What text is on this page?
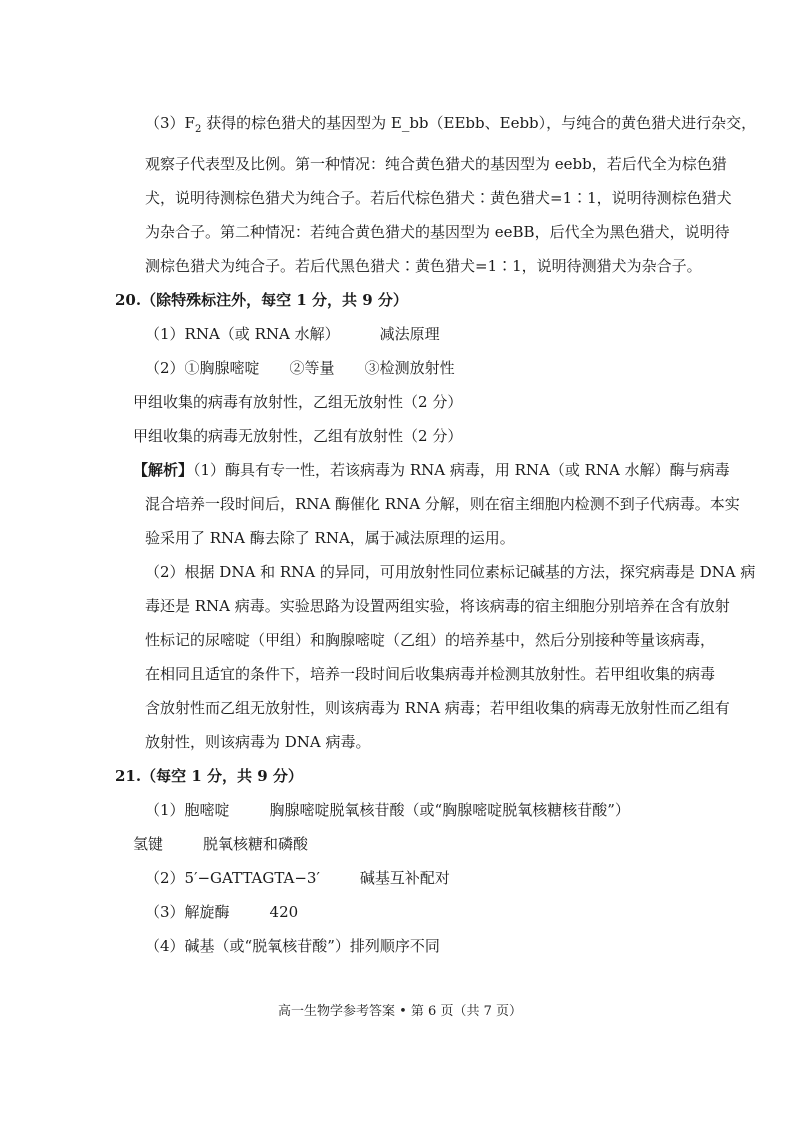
$(3)F_2$ 获得的棕色猎犬的基因型为 E_bb（EEbb、Eebb），与纯合的黄色猎犬进行杂交，

观察子代表型及比例。第一种情况：纯合黄色猎犬的基因型为 eebb，若后代全为棕色猎

犬，说明待测棕色猎犬为纯合子。若后代棕色猎犬∶黄色猎犬=1∶1，说明待测棕色猎犬

为杂合子。第二种情况：若纯合黄色猎犬的基因型为 eeBB，后代全为黑色猎犬，说明待

测棕色猎犬为纯合子。若后代黑色猎犬∶黄色猎犬=1∶1，说明待测猎犬为杂合子。

20.（除特殊标注外，每空 1 分，共 9 分）

（1）RNA（或 RNA 水解）	减法原理

（2）①胸腺嘧啶 ②等量 ③检测放射性

甲组收集的病毒有放射性，乙组无放射性（2 分）

甲组收集的病毒无放射性，乙组有放射性（2 分）

【解析】（1）酶具有专一性，若该病毒为 RNA 病毒，用 RNA（或 RNA 水解）酶与病毒

混合培养一段时间后，RNA 酶催化 RNA 分解，则在宿主细胞内检测不到子代病毒。本实

验采用了 RNA 酶去除了 RNA，属于减法原理的运用。

（2）根据 DNA 和 RNA 的异同，可用放射性同位素标记碱基的方法，探究病毒是 DNA 病

毒还是 RNA 病毒。实验思路为设置两组实验，将该病毒的宿主细胞分别培养在含有放射

性标记的尿嘧啶（甲组）和胸腺嘧啶（乙组）的培养基中，然后分别接种等量该病毒，

在相同且适宜的条件下，培养一段时间后收集病毒并检测其放射性。若甲组收集的病毒

含放射性而乙组无放射性，则该病毒为 RNA 病毒；若甲组收集的病毒无放射性而乙组有

放射性，则该病毒为 DNA 病毒。

21.（每空 1 分，共 9 分）

（1）胞嘧啶	胸腺嘧啶脱氧核苷酸（或“胸腺嘧啶脱氧核糖核苷酸”）

氢键	脱氧核糖和磷酸

（2）5′−GATTAGTA−3′	碱基互补配对

（3）解旋酶	420

（4）碱基（或“脱氧核苷酸”）排列顺序不同

高一生物学参考答案 • 第 6 页（共 7 页）
